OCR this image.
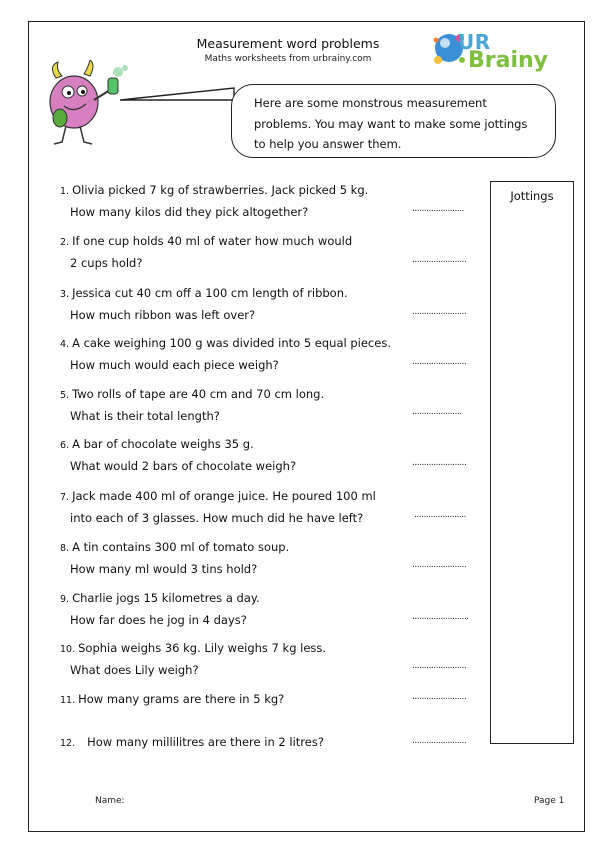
Measurement word problems
Maths worksheets from urbrainy.com
UR
Brainy
Here are some monstrous measurement
problems. You may want to make some jottings
to help you answer them.
Jottings
1. Olivia picked 7 kg of strawberries. Jack picked 5 kg.
How many kilos did they pick altogether?	......................
2. If one cup holds 40 ml of water how much would
2 cups hold?	.......................
3. Jessica cut 40 cm off a 100 cm length of ribbon.
How much ribbon was left over?	.......................
4. A cake weighing 100 g was divided into 5 equal pieces.
How much would each piece weigh?	.......................
5. Two rolls of tape are 40 cm and 70 cm long.
What is their total length?	.....................
6. A bar of chocolate weighs 35 g.
What would 2 bars of chocolate weigh?	.......................
7. Jack made 400 ml of orange juice. He poured 100 ml
into each of 3 glasses. How much did he have left?	......................
8. A tin contains 300 ml of tomato soup.
How many ml would 3 tins hold?	.......................
9. Charlie jogs 15 kilometres a day.
How far does he jog in 4 days?	........................
10. Sophia weighs 36 kg. Lily weighs 7 kg less.
What does Lily weigh?	.......................
11. How many grams are there in 5 kg?	.......................
12. How many millilitres are there in 2 litres?	.......................
Name:	Page 1
